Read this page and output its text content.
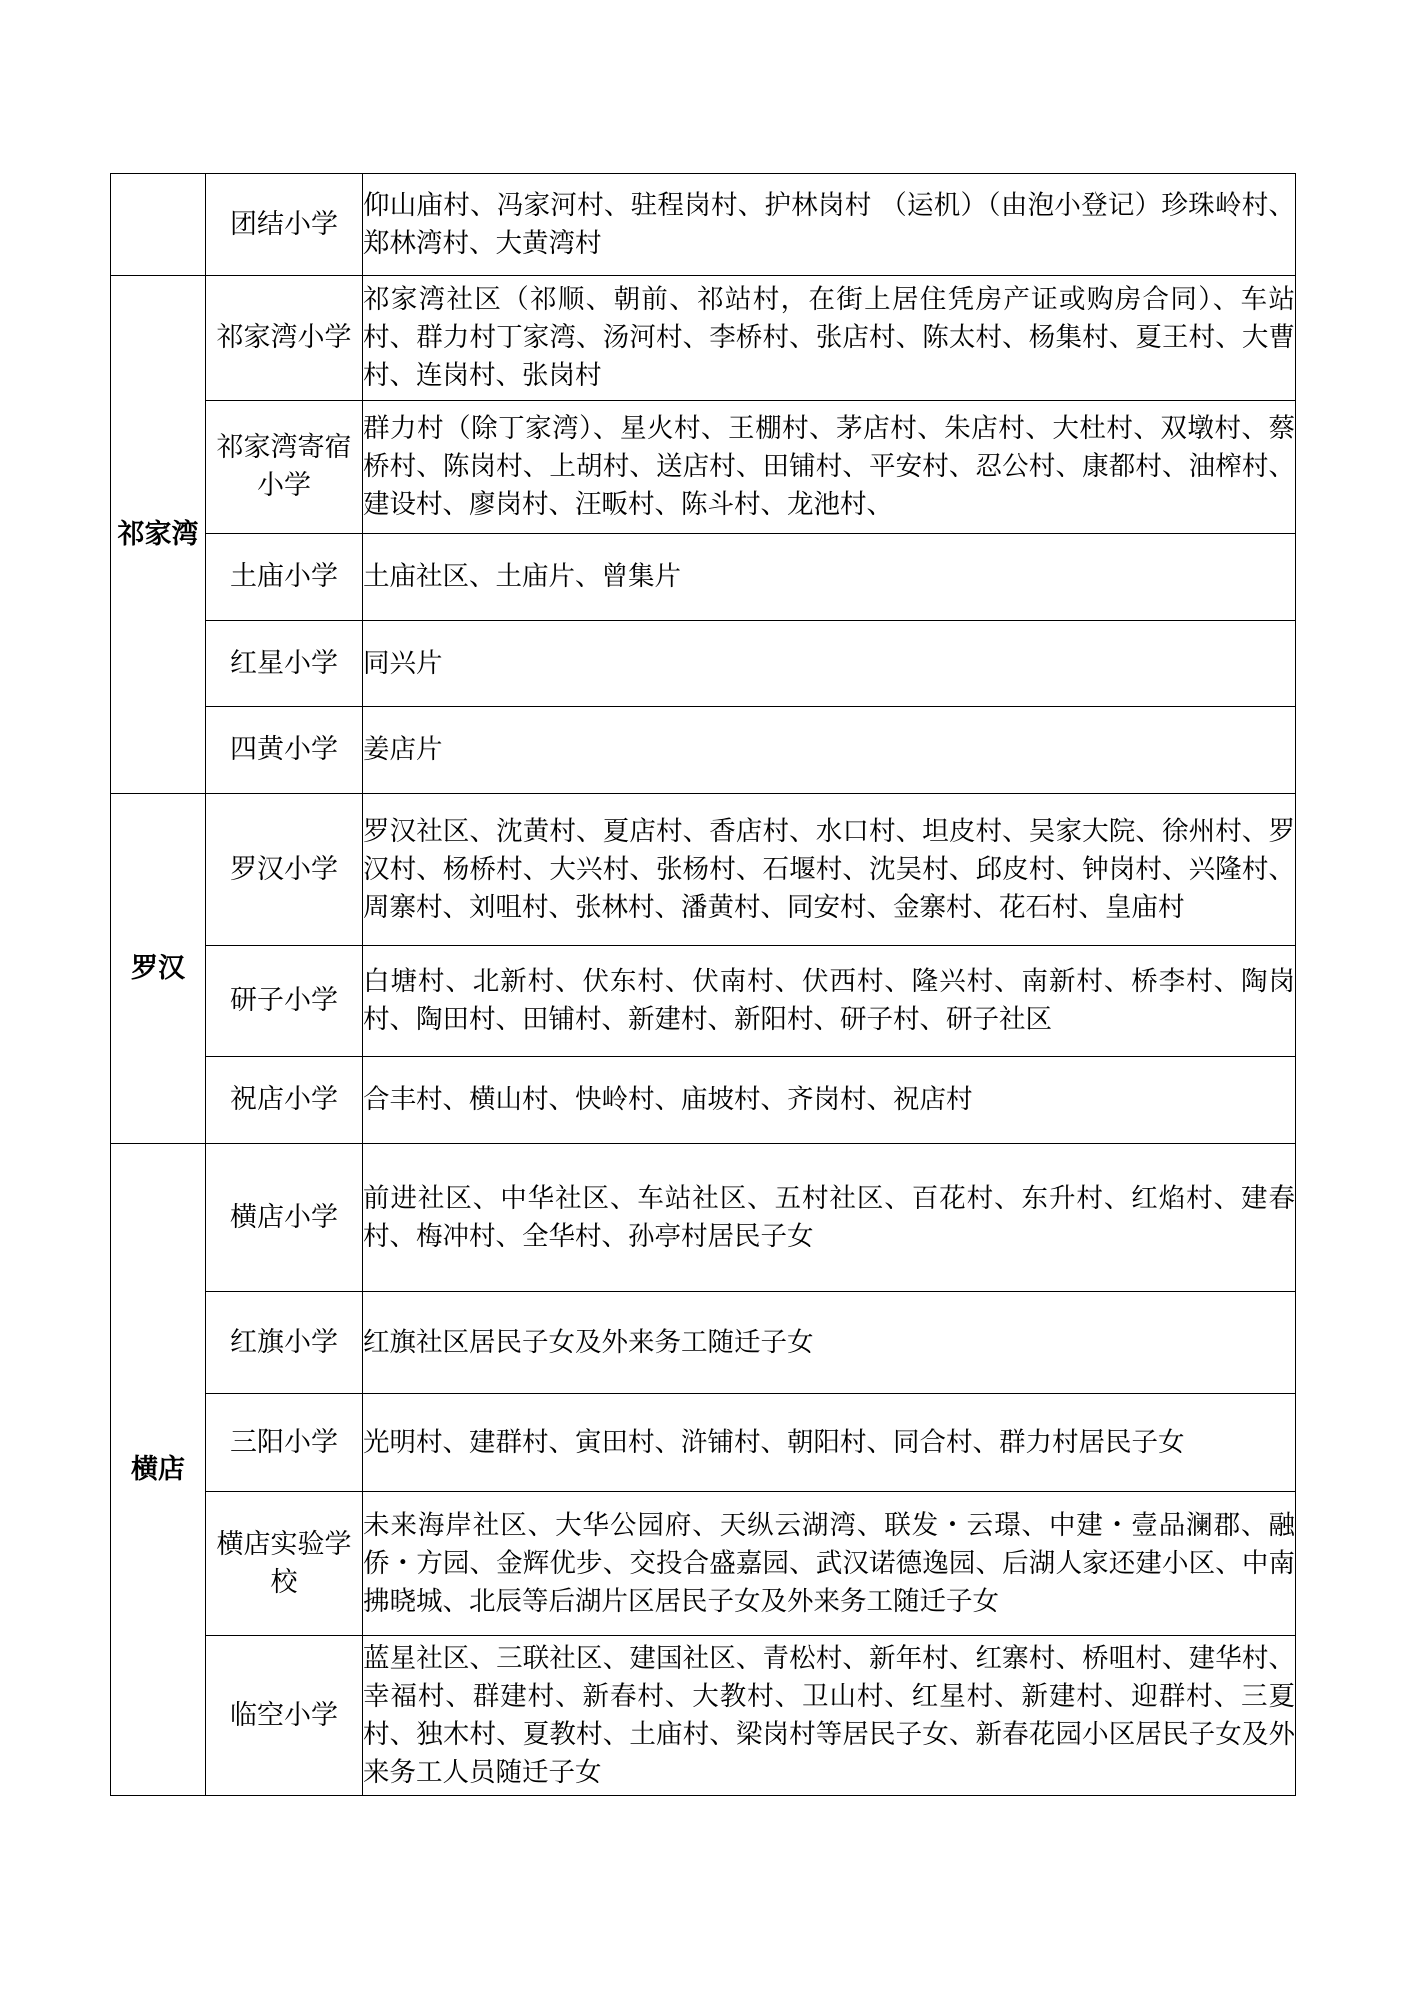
	团结小学	仰山庙村、冯家河村、驻程岗村、护林岗村 （运机）（由泡小登记）珍珠岭村、郑林湾村、大黄湾村
祁家湾	祁家湾小学	祁家湾社区（祁顺、朝前、祁站村，在街上居住凭房产证或购房合同）、车站村、群力村丁家湾、汤河村、李桥村、张店村、陈太村、杨集村、夏王村、大曹村、连岗村、张岗村
	祁家湾寄宿小学	群力村（除丁家湾）、星火村、王棚村、茅店村、朱店村、大杜村、双墩村、蔡桥村、陈岗村、上胡村、送店村、田铺村、平安村、忍公村、康都村、油榨村、建设村、廖岗村、汪畈村、陈斗村、龙池村、
	土庙小学	土庙社区、土庙片、曾集片
	红星小学	同兴片
	四黄小学	姜店片
罗汉	罗汉小学	罗汉社区、沈黄村、夏店村、香店村、水口村、坦皮村、吴家大院、徐州村、罗汉村、杨桥村、大兴村、张杨村、石堰村、沈吴村、邱皮村、钟岗村、兴隆村、周寨村、刘咀村、张林村、潘黄村、同安村、金寨村、花石村、皇庙村
	研子小学	白塘村、北新村、伏东村、伏南村、伏西村、隆兴村、南新村、桥李村、陶岗村、陶田村、田铺村、新建村、新阳村、研子村、研子社区
	祝店小学	合丰村、横山村、快岭村、庙坡村、齐岗村、祝店村
横店	横店小学	前进社区、中华社区、车站社区、五村社区、百花村、东升村、红焰村、建春村、梅冲村、全华村、孙亭村居民子女
	红旗小学	红旗社区居民子女及外来务工随迁子女
	三阳小学	光明村、建群村、寅田村、浒铺村、朝阳村、同合村、群力村居民子女
	横店实验学校	未来海岸社区、大华公园府、天纵云湖湾、联发・云璟、中建・壹品澜郡、融侨・方园、金辉优步、交投合盛嘉园、武汉诺德逸园、后湖人家还建小区、中南拂晓城、北辰等后湖片区居民子女及外来务工随迁子女
	临空小学	蓝星社区、三联社区、建国社区、青松村、新年村、红寨村、桥咀村、建华村、幸福村、群建村、新春村、大教村、卫山村、红星村、新建村、迎群村、三夏村、独木村、夏教村、土庙村、梁岗村等居民子女、新春花园小区居民子女及外来务工人员随迁子女
